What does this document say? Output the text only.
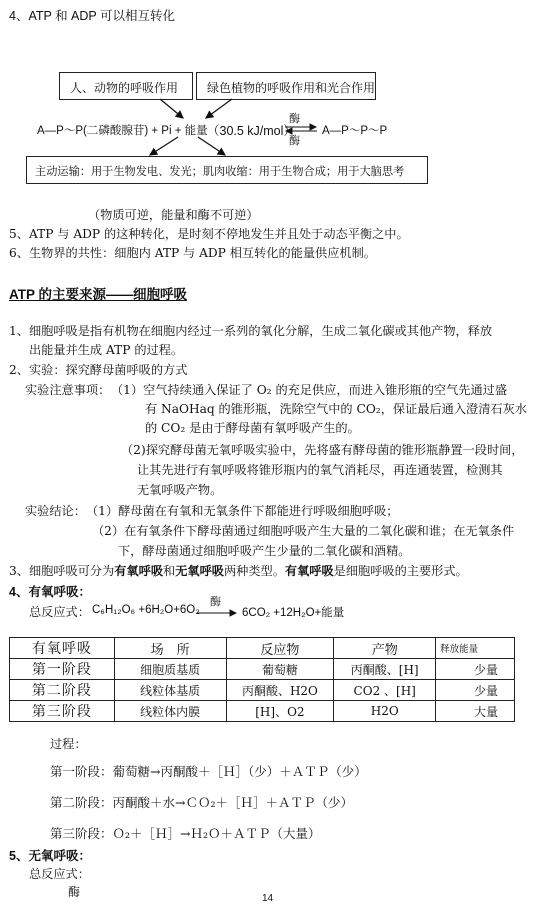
4、ATP 和 ADP 可以相互转化
人、动物的呼吸作用 绿色植物的呼吸作用和光合作用
A—P～P(二磷酸腺苷) + Pi + 能量 （30.5 kJ/mol）
酶
酶
A—P～P～P
主动运输：用于生物发电、发光；肌肉收缩：用于生物合成；用于大脑思考
（物质可逆，能量和酶不可逆）
5、ATP 与 ADP 的这种转化，是时刻不停地发生并且处于动态平衡之中。
6、生物界的共性：细胞内 ATP 与 ADP 相互转化的能量供应机制。
ATP 的主要来源——细胞呼吸
1、细胞呼吸是指有机物在细胞内经过一系列的氧化分解，生成二氧化碳或其他产物，释放
出能量并生成 ATP 的过程。
2、实验：探究酵母菌呼吸的方式
实验注意事项： （1）空气持续通入保证了 O₂ 的充足供应，而进入锥形瓶的空气先通过盛
有 NaOHaq 的锥形瓶，洗除空气中的 CO₂，保证最后通入澄清石灰水
的 CO₂ 是由于酵母菌有氧呼吸产生的。
（2)探究酵母菌无氧呼吸实验中，先将盛有酵母菌的锥形瓶静置一段时间，
让其先进行有氧呼吸将锥形瓶内的氧气消耗尽，再连通装置，检测其
无氧呼吸产物。
实验结论： （1）酵母菌在有氧和无氧条件下都能进行呼吸细胞呼吸；
（2）在有氧条件下酵母菌通过细胞呼吸产生大量的二氧化碳和谁；在无氧条件
下，酵母菌通过细胞呼吸产生少量的二氧化碳和酒精。
3、细胞呼吸可分为有氧呼吸和无氧呼吸两种类型。有氧呼吸是细胞呼吸的主要形式。
4、有氧呼吸：
总反应式： C₆H₁₂O₆ +6H₂O+6O₂
酶
6CO₂ +12H₂O+能量
有氧呼吸	场　所	反应物	产物	释放能量
第一阶段	细胞质基质	葡萄糖	丙酮酸、[H]	少量
第二阶段	线粒体基质	丙酮酸、H2O	CO2 、[H]	少量
第三阶段	线粒体内膜	[H]、O2	H2O	大量
过程：
第一阶段：葡萄糖→丙酮酸＋［Ｈ］（少）＋ＡＴＰ（少）
第二阶段：丙酮酸＋水→ＣＯ₂＋［Ｈ］＋ＡＴＰ（少）
第三阶段：Ｏ₂＋［Ｈ］→Ｈ₂Ｏ＋ＡＴＰ（大量）
5、无氧呼吸：
总反应式：
酶	14
